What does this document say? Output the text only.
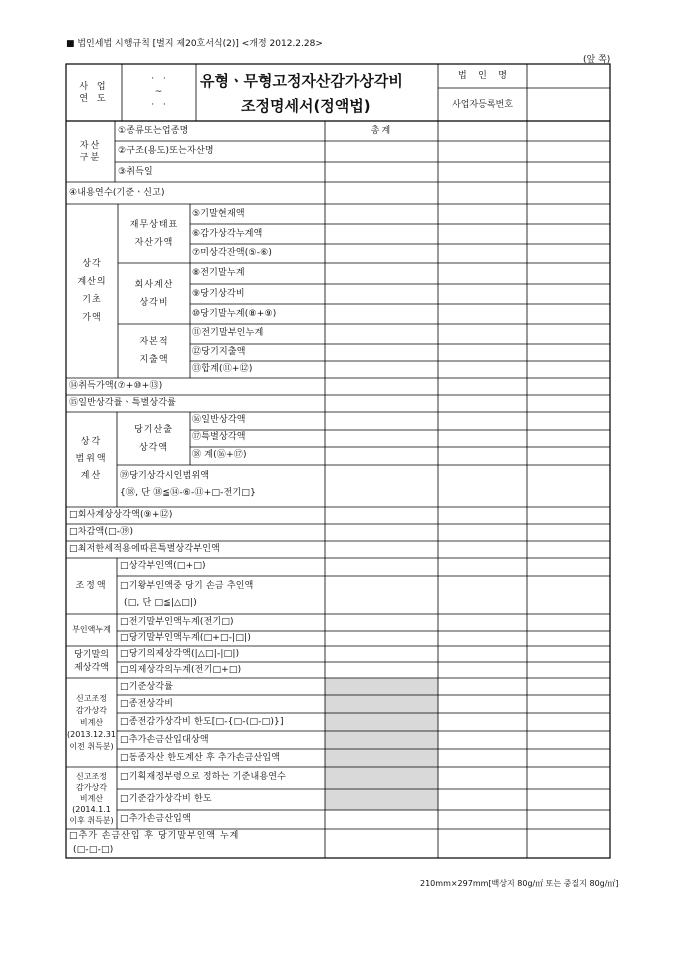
■ 법인세법 시행규칙 [별지 제20호서식(2)] <개정 2012.2.28>
(앞 쪽)
사 업
연 도
·  ·
~
·  ·
유형ㆍ무형고정자산감가상각비
조정명세서(정액법)
법    인    명
사업자등록번호
자산
구분
①종류또는업종명	총계
②구조(용도)또는자산명
③취득일
④내용연수(기준ㆍ신고)
상각
계산의
기초
가액
재무상태표
자산가액
⑤기말현재액
⑥감가상각누계액
⑦미상각잔액(⑤-⑥)
회사계산
상각비
⑧전기말누계
⑨당기상각비
⑩당기말누계(⑧+⑨)
자본적
지출액
⑪전기말부인누계
⑫당기지출액
⑬합계(⑪+⑫)
⑭취득가액(⑦+⑩+⑬)
⑮일반상각률ㆍ특별상각률
상각
범위액
계산
당기산출
상각액
⑯일반상각액
⑰특별상각액
⑱ 계(⑯+⑰)
⑲당기상각시인범위액
{⑱, 단 ⑱≦⑭-⑥-⑪+□-전기□}
□회사계상상각액(⑨+⑫)
□차감액(□-⑲)
□최저한세적용에따른특별상각부인액
조정액
□상각부인액(□+□)
□기왕부인액중 당기 손금 추인액
(□, 단 □≦|△□|)
부인액누계
□전기말부인액누계(전기□)
□당기말부인액누계(□+□-|□|)
당기말의
제상각액
□당기의제상각액(|△□|-|□|)
□의제상각의누계(전기□+□)
신고조정
감가상각
비계산
(2013.12.31
이전 취득분)
□기준상각률
□종전상각비
□종전감가상각비 한도[□-{□-(□-□)}]
□추가손금산입대상액
□동종자산 한도계산 후 추가손금산입액
신고조정
감가상각
비계산
(2014.1.1
이후 취득분)
□기획재정부령으로 정하는 기준내용연수
□기준감가상각비 한도
□추가손금산입액
□추가 손금산입 후 당기말부인액 누계
(□-□-□)
210mm×297mm[백상지 80g/㎡ 또는 중질지 80g/㎡]
